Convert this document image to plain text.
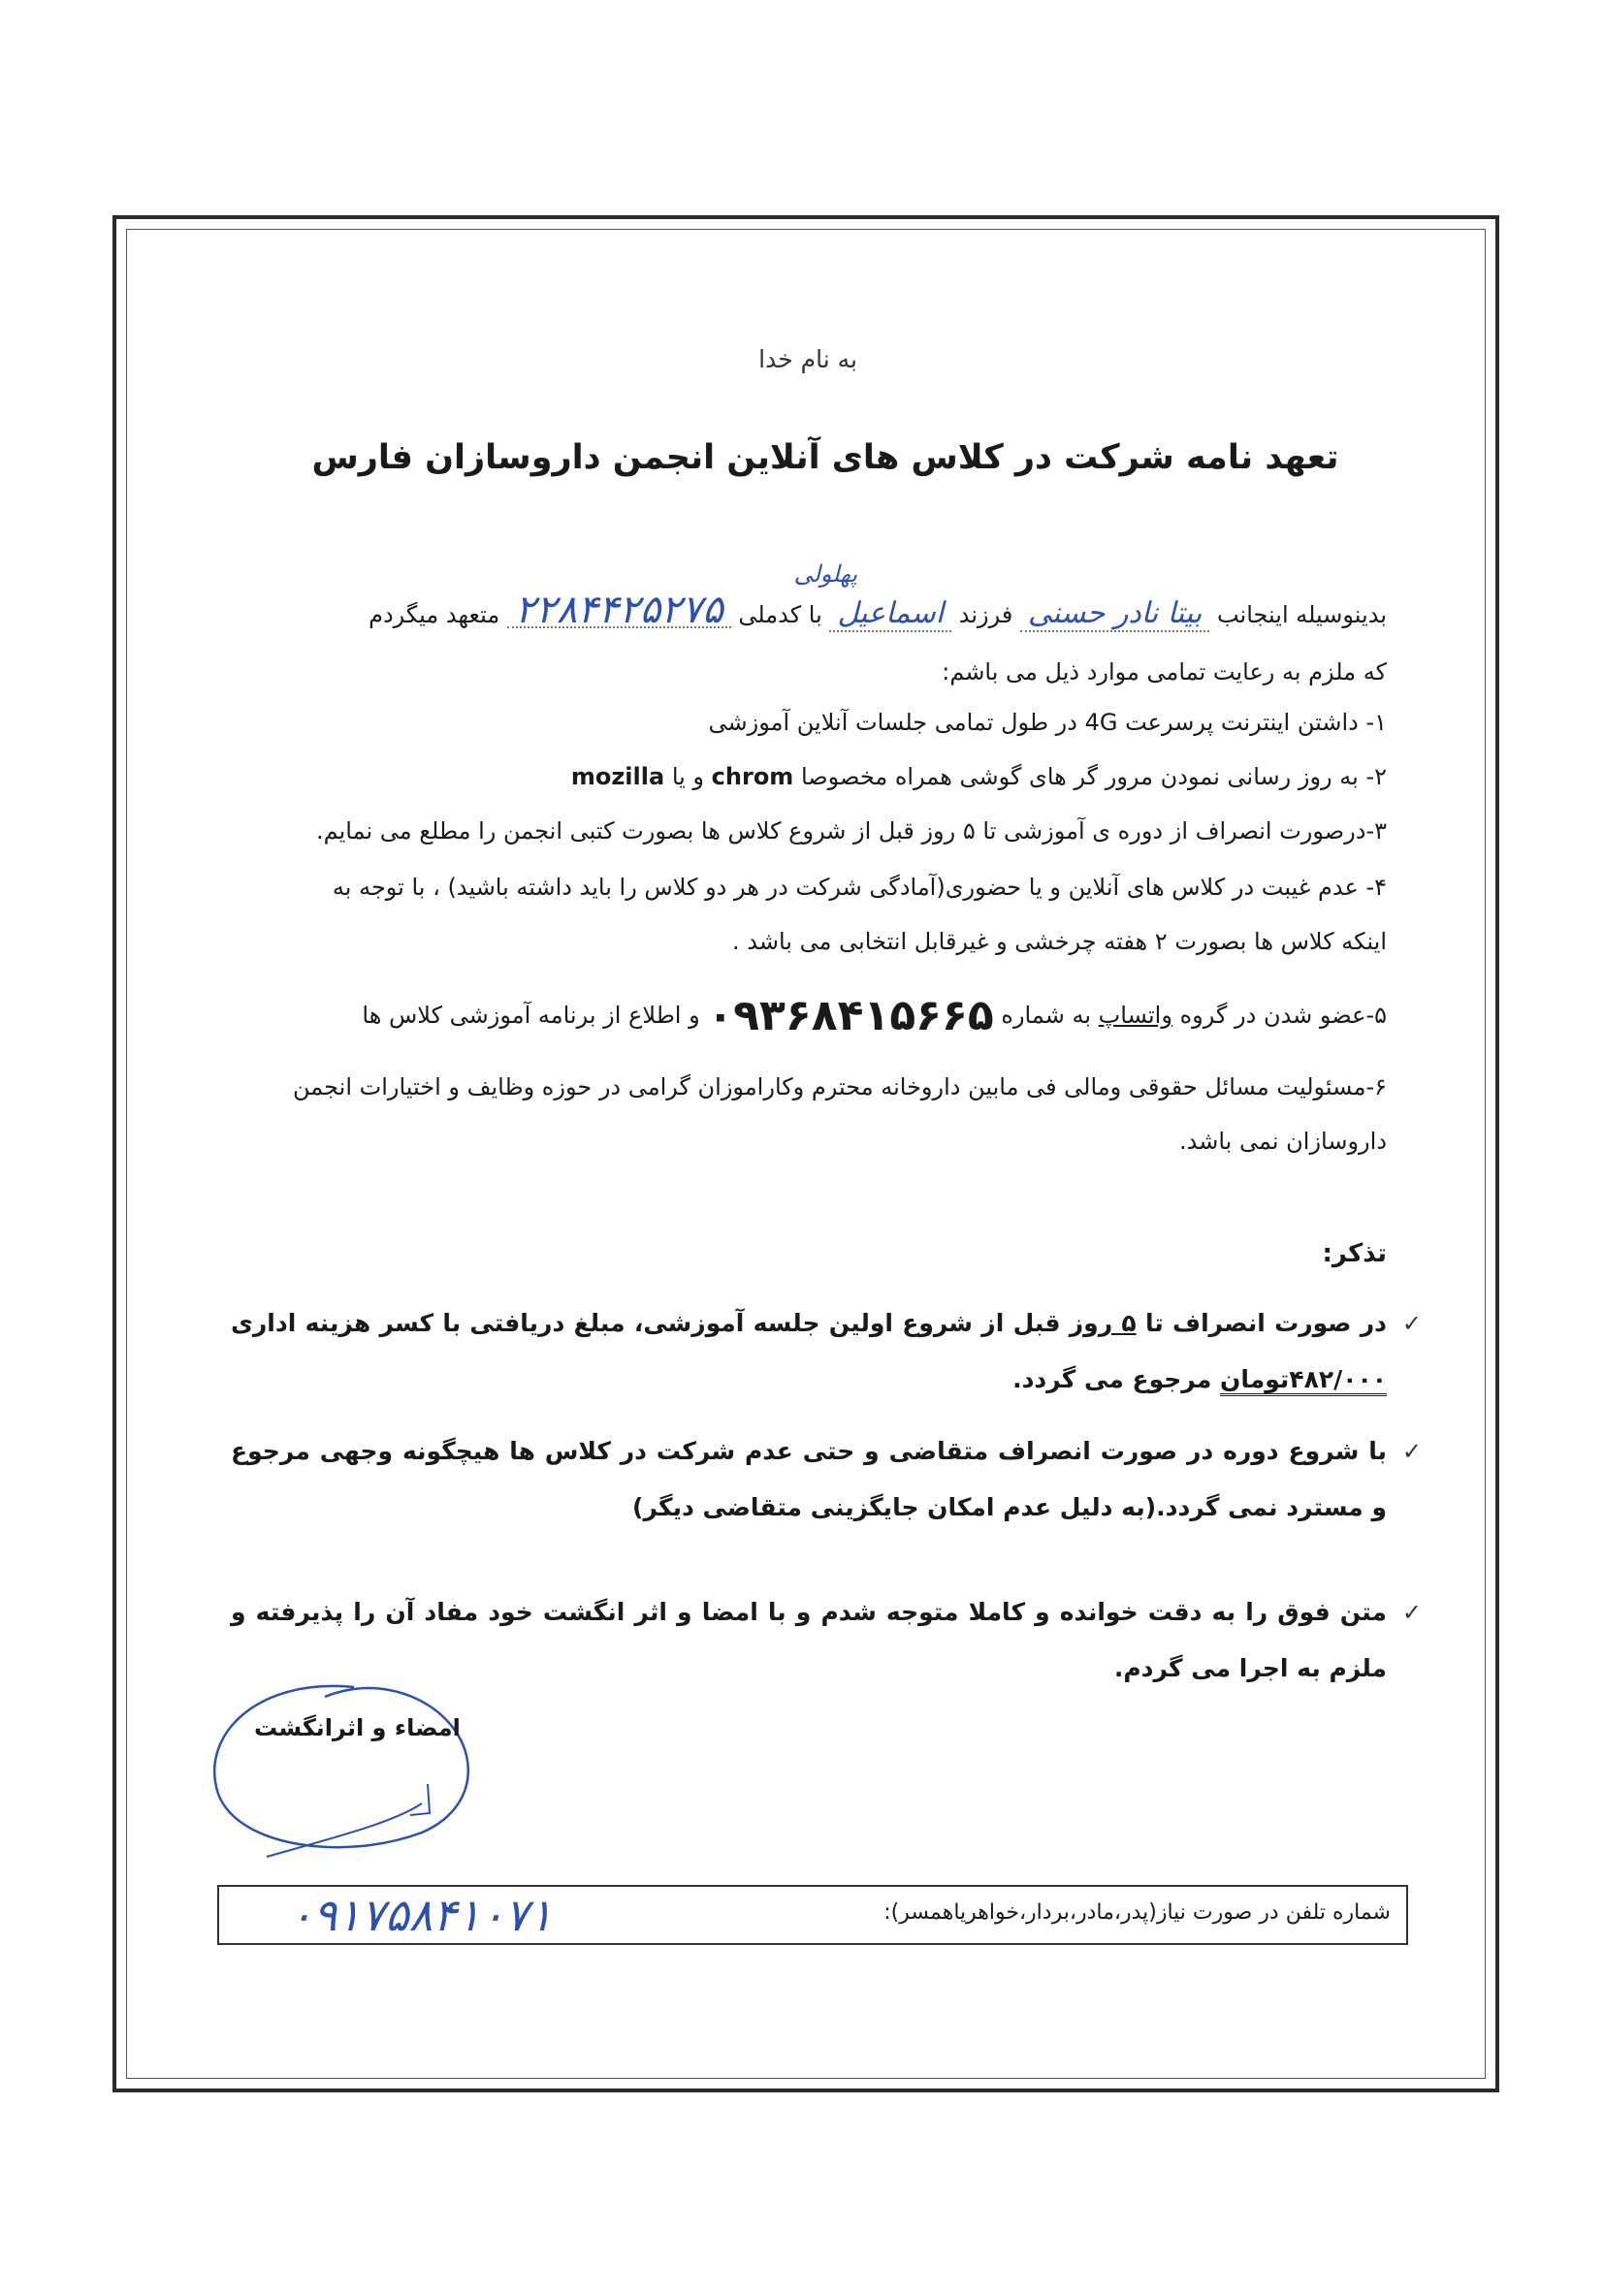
به نام خدا
تعهد نامه شرکت در کلاس های آنلاین انجمن داروسازان فارس
پهلولی
بدینوسیله اینجانب بیتا نادر حسنی فرزند اسماعیل با کدملی ۲۲۸۴۴۲۵۲۷۵ متعهد میگردم
که ملزم به رعایت تمامی موارد ذیل می باشم:
۱- داشتن اینترنت پرسرعت 4G در طول تمامی جلسات آنلاین آموزشی
۲- به روز رسانی نمودن مرور گر های گوشی همراه مخصوصا chrom و یا mozilla
۳-درصورت انصراف از دوره ی آموزشی تا ۵ روز قبل از شروع کلاس ها بصورت کتبی انجمن را مطلع می نمایم.
۴- عدم غیبت در کلاس های آنلاین و یا حضوری(آمادگی شرکت در هر دو کلاس را باید داشته باشید) ، با توجه به
اینکه کلاس ها بصورت ۲ هفته چرخشی و غیرقابل انتخابی می باشد .
۵-عضو شدن در گروه واتساپ به شماره ۰۹۳۶۸۴۱۵۶۶۵ و اطلاع از برنامه آموزشی کلاس ها
۶-مسئولیت مسائل حقوقی ومالی فی مابین داروخانه محترم وکاراموزان گرامی در حوزه وظایف و اختیارات انجمن
داروسازان نمی باشد.
تذکر:
✓
در صورت انصراف تا ۵ روز قبل از شروع اولین جلسه آموزشی، مبلغ دریافتی با کسر هزینه اداری ۴۸۲/۰۰۰تومان مرجوع می گردد.
✓
با شروع دوره در صورت انصراف متقاضی و حتی عدم شرکت در کلاس ها هیچگونه وجهی مرجوع و مسترد نمی گردد.(به دلیل عدم امکان جایگزینی متقاضی دیگر)
✓
متن فوق را به دقت خوانده و کاملا متوجه شدم و با امضا و اثر انگشت خود مفاد آن را پذیرفته و ملزم به اجرا می گردم.
امضاء و اثرانگشت
شماره تلفن در صورت نیاز(پدر،مادر،بردار،خواهریاهمسر):
۰۹۱۷۵۸۴۱۰۷۱
